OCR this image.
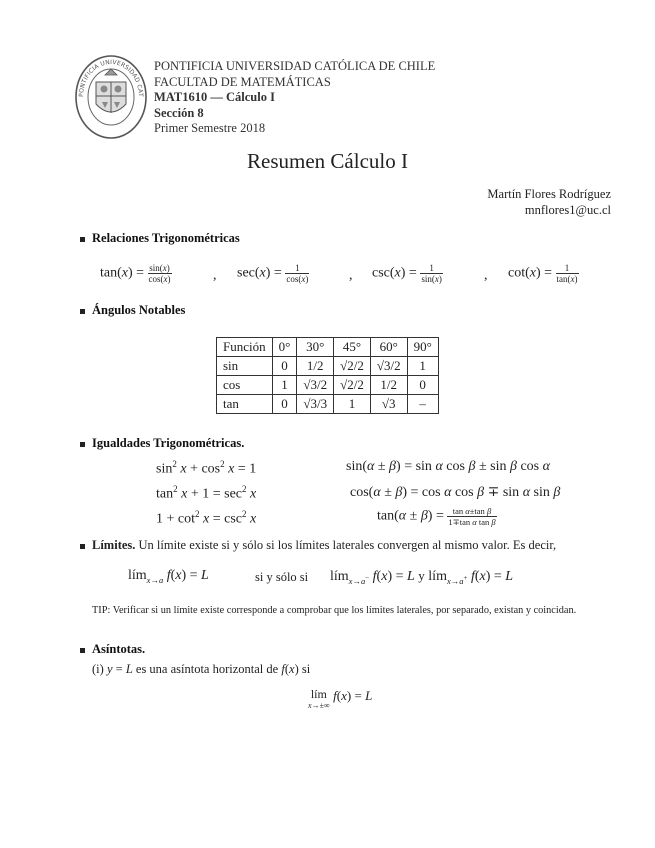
PONTIFICIA UNIVERSIDAD CAT
PONTIFICIA UNIVERSIDAD CATÓLICA DE CHILE
FACULTAD DE MATEMÁTICAS
MAT1610 — Cálculo I
Sección 8
Primer Semestre 2018
Resumen Cálculo I
Martín Flores Rodríguez
mnflores1@uc.cl
Relaciones Trigonométricas
$\tan(x) = \frac{\sin(x)}{\cos(x)}$	, $\sec(x) = \frac{1}{\cos(x)}$	, $\csc(x) = \frac{1}{\sin(x)}$	, $\cot(x) = \frac{1}{\tan(x)}$
Ángulos Notables
Función	0°	30°	45°	60°	90°
sin	0	1/2	√2/2	√3/2	1
cos	1	√3/2	√2/2	1/2	0
tan	0	√3/3	1	√3	–
Igualdades Trigonométricas.
$\sin^2 x + \cos^2 x = 1$
$\tan^2 x + 1 = \sec^2 x$
$1 + \cot^2 x = \csc^2 x$
sin(α ± β) = sin α cos β ± sin β cos α
cos(α ± β) = cos α cos β ∓ sin α sin β
$\tan(\alpha \pm \beta) = \frac{\text{tan α±tan β}}{\text{1∓tan α tan β}}$
Límites. Un límite existe si y sólo si los límites laterales convergen al mismo valor. Es decir,
lím$_{x\to a}$ f(x) = L	si y sólo si lím$_{x\to a^-}$ f(x) = L y lím$_{x\to a^+}$ f(x) = L
TIP: Verificar si un límite existe corresponde a comprobar que los límites laterales, por separado, existan y coincidan.
Asíntotas.
(i) y = L es una asíntota horizontal de f(x) si
lím
x→±∞
f(x) = L
